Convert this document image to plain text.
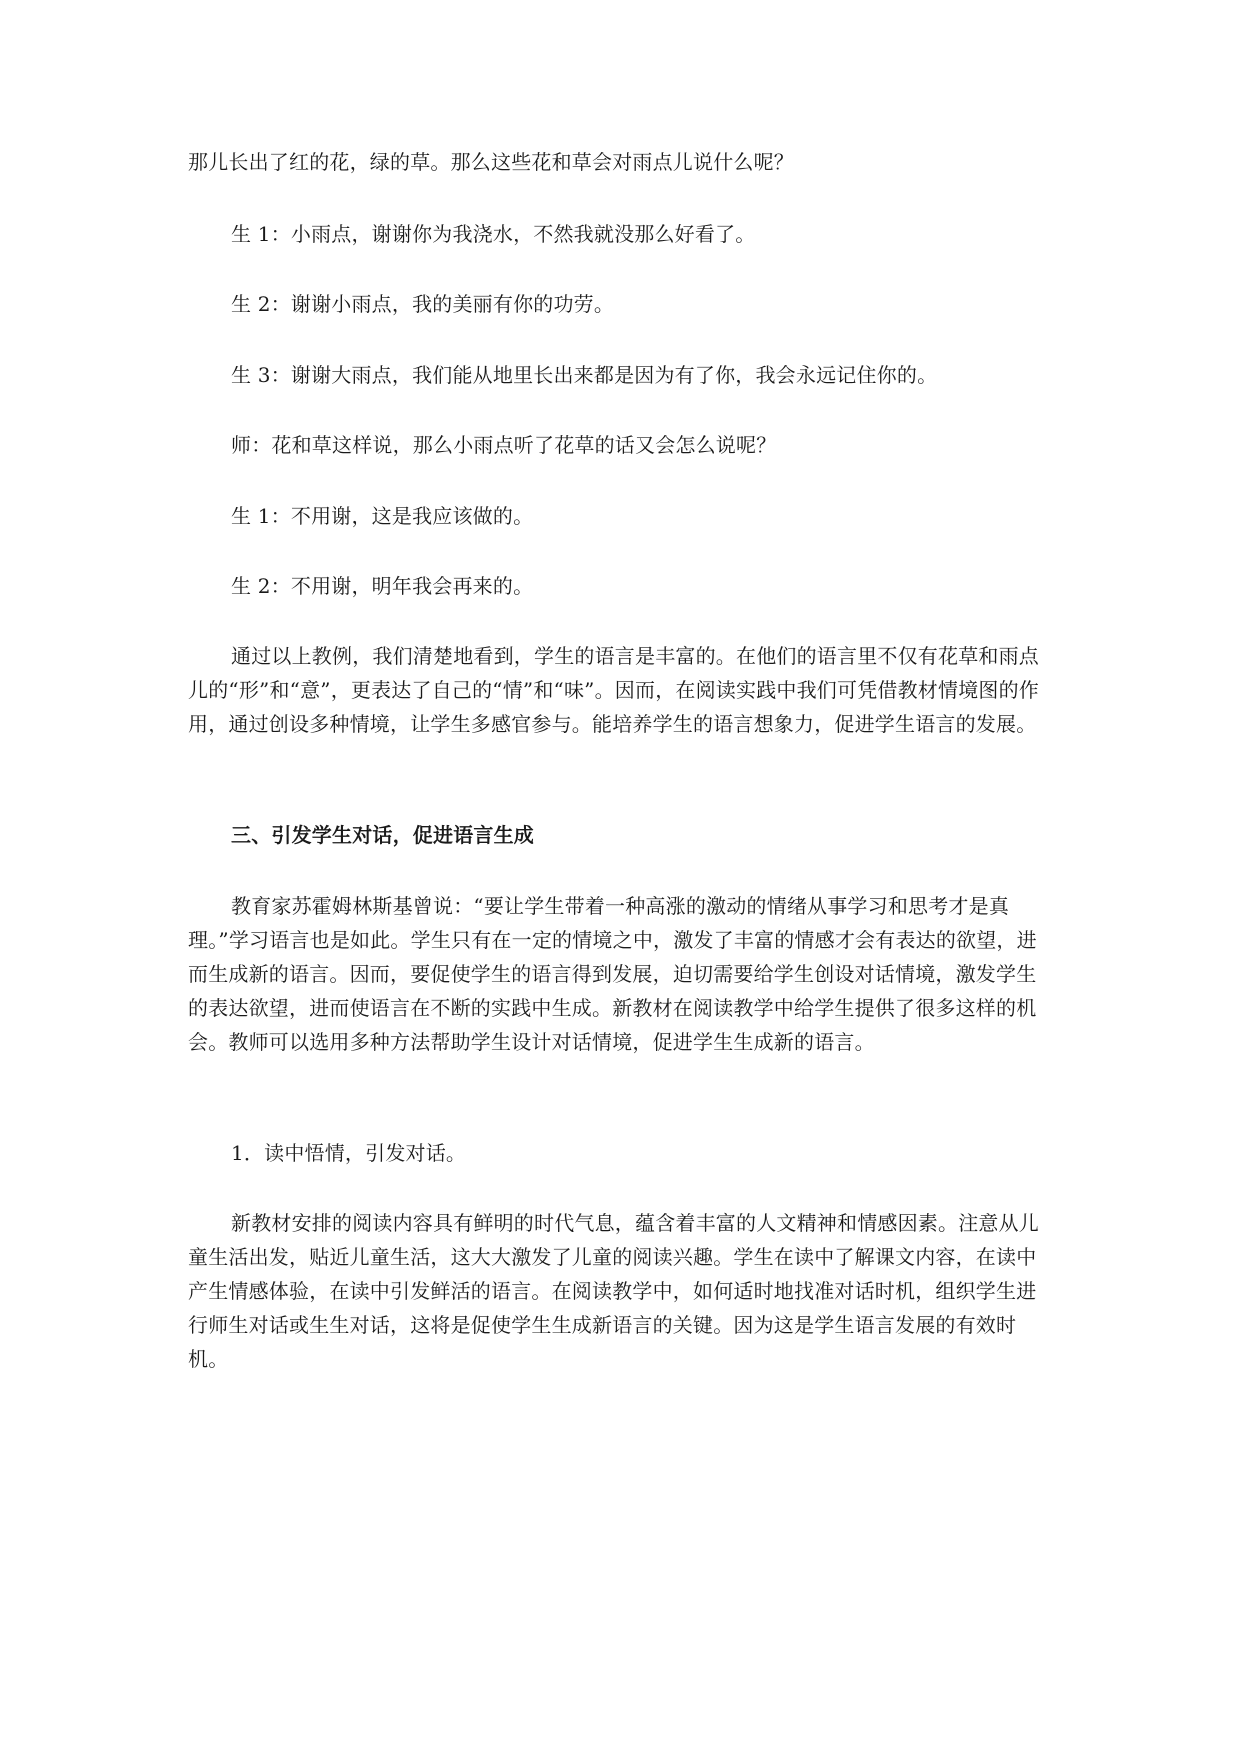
那儿长出了红的花，绿的草。那么这些花和草会对雨点儿说什么呢？

生 1：小雨点，谢谢你为我浇水，不然我就没那么好看了。

生 2：谢谢小雨点，我的美丽有你的功劳。

生 3：谢谢大雨点，我们能从地里长出来都是因为有了你，我会永远记住你的。

师：花和草这样说，那么小雨点听了花草的话又会怎么说呢？

生 1：不用谢，这是我应该做的。

生 2：不用谢，明年我会再来的。

通过以上教例，我们清楚地看到，学生的语言是丰富的。在他们的语言里不仅有花草和雨点儿的“形”和“意”，更表达了自己的“情”和“味”。因而，在阅读实践中我们可凭借教材情境图的作用，通过创设多种情境，让学生多感官参与。能培养学生的语言想象力，促进学生语言的发展。

三、引发学生对话，促进语言生成

教育家苏霍姆林斯基曾说：“要让学生带着一种高涨的激动的情绪从事学习和思考才是真理。”学习语言也是如此。学生只有在一定的情境之中，激发了丰富的情感才会有表达的欲望，进而生成新的语言。因而，要促使学生的语言得到发展，迫切需要给学生创设对话情境，激发学生的表达欲望，进而使语言在不断的实践中生成。新教材在阅读教学中给学生提供了很多这样的机会。教师可以选用多种方法帮助学生设计对话情境，促进学生生成新的语言。

1．读中悟情，引发对话。

新教材安排的阅读内容具有鲜明的时代气息，蕴含着丰富的人文精神和情感因素。注意从儿童生活出发，贴近儿童生活，这大大激发了儿童的阅读兴趣。学生在读中了解课文内容，在读中产生情感体验，在读中引发鲜活的语言。在阅读教学中，如何适时地找准对话时机，组织学生进行师生对话或生生对话，这将是促使学生生成新语言的关键。因为这是学生语言发展的有效时机。
